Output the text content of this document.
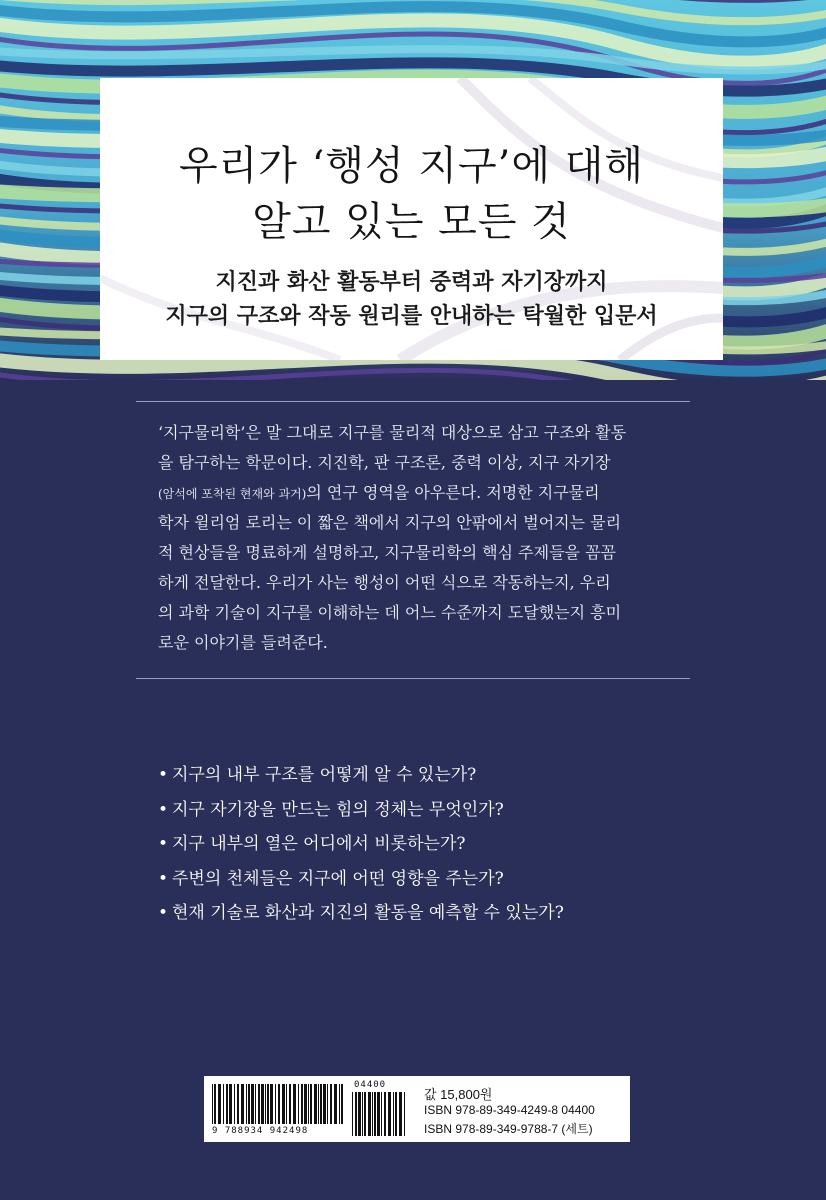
우리가 ‘행성 지구’에 대해
알고 있는 모든 것
지진과 화산 활동부터 중력과 자기장까지
지구의 구조와 작동 원리를 안내하는 탁월한 입문서
‘지구물리학’은 말 그대로 지구를 물리적 대상으로 삼고 구조와 활동
을 탐구하는 학문이다. 지진학, 판 구조론, 중력 이상, 지구 자기장
(암석에 포착된 현재와 과거)의 연구 영역을 아우른다. 저명한 지구물리
학자 윌리엄 로리는 이 짧은 책에서 지구의 안팎에서 벌어지는 물리
적 현상들을 명료하게 설명하고, 지구물리학의 핵심 주제들을 꼼꼼
하게 전달한다. 우리가 사는 행성이 어떤 식으로 작동하는지, 우리
의 과학 기술이 지구를 이해하는 데 어느 수준까지 도달했는지 흥미
로운 이야기를 들려준다.
• 지구의 내부 구조를 어떻게 알 수 있는가?
• 지구 자기장을 만드는 힘의 정체는 무엇인가?
• 지구 내부의 열은 어디에서 비롯하는가?
• 주변의 천체들은 지구에 어떤 영향을 주는가?
• 현재 기술로 화산과 지진의 활동을 예측할 수 있는가?
9 788934 942498
04400
값 15,800원
ISBN 978-89-349-4249-8 04400
ISBN 978-89-349-9788-7 (세트)
